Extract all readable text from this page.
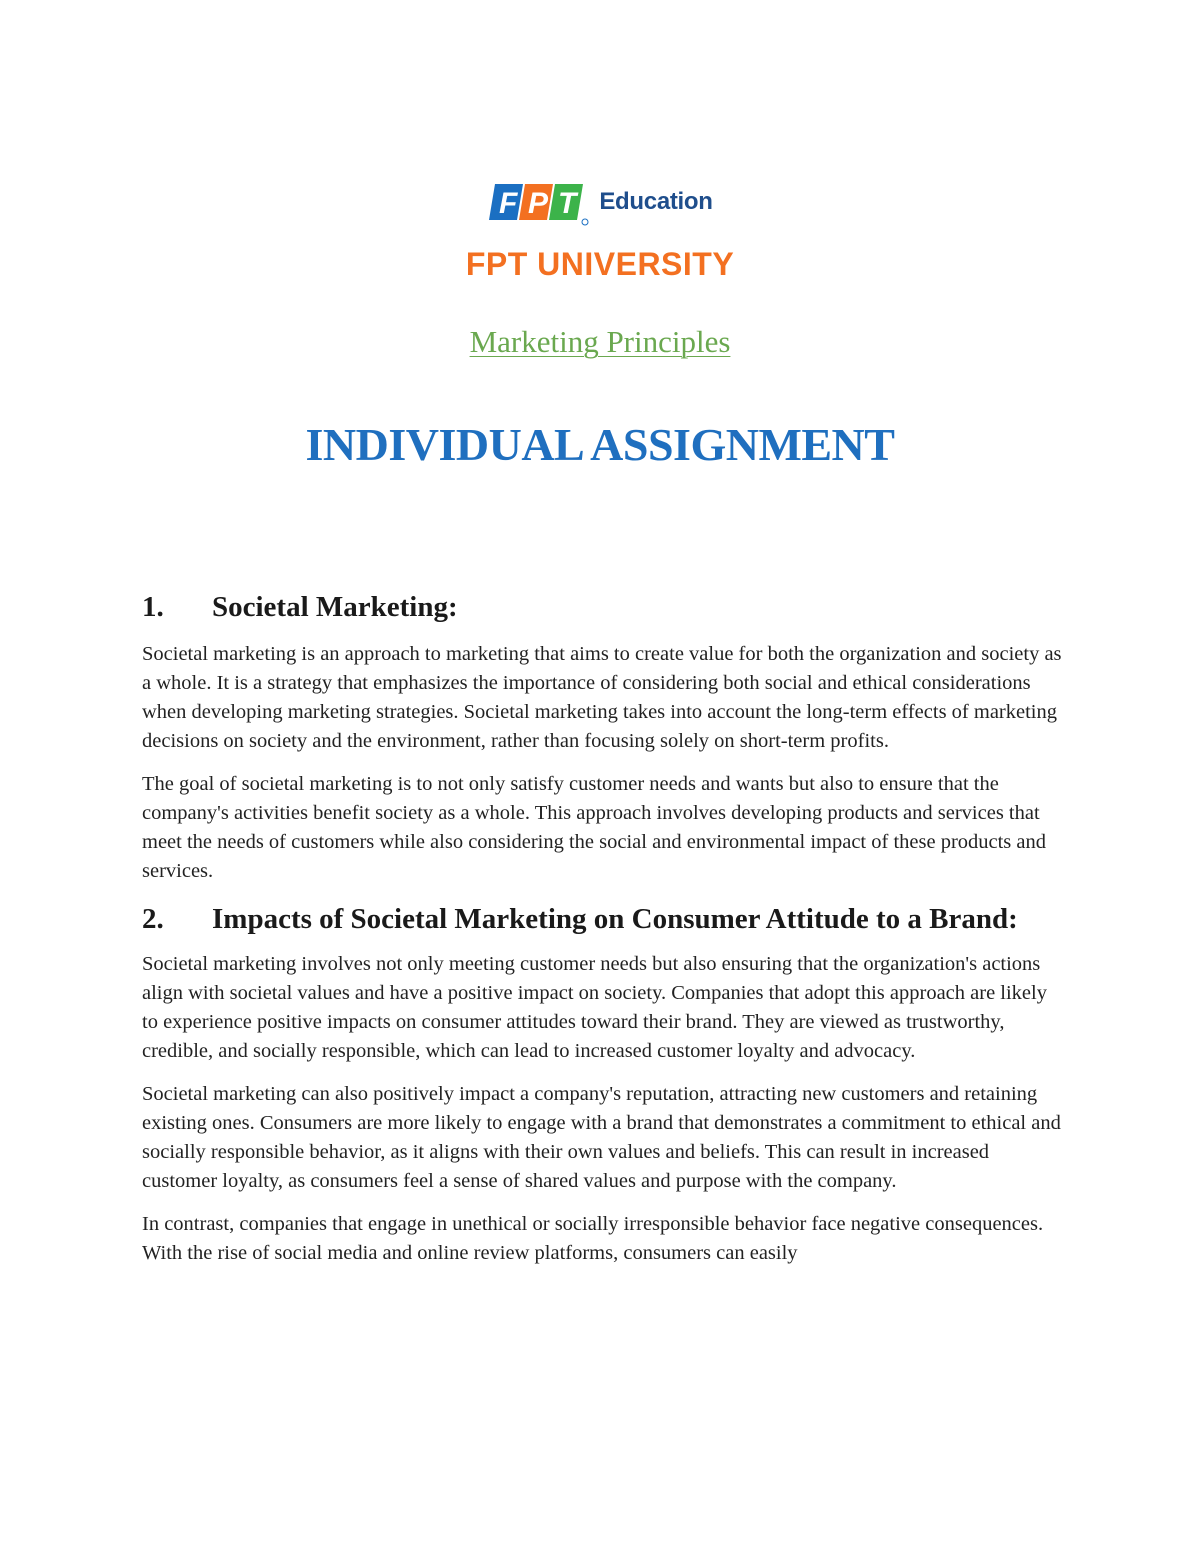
F P T Education
FPT UNIVERSITY
Marketing Principles
INDIVIDUAL ASSIGNMENT
1.	Societal Marketing:

Societal marketing is an approach to marketing that aims to create value for both the organization and society as a whole. It is a strategy that emphasizes the importance of considering both social and ethical considerations when developing marketing strategies. Societal marketing takes into account the long-term effects of marketing decisions on society and the environment, rather than focusing solely on short-term profits.

The goal of societal marketing is to not only satisfy customer needs and wants but also to ensure that the company's activities benefit society as a whole. This approach involves developing products and services that meet the needs of customers while also considering the social and environmental impact of these products and services.

2. Impacts of Societal Marketing on Consumer Attitude to a Brand:

Societal marketing involves not only meeting customer needs but also ensuring that the organization's actions align with societal values and have a positive impact on society. Companies that adopt this approach are likely to experience positive impacts on consumer attitudes toward their brand. They are viewed as trustworthy, credible, and socially responsible, which can lead to increased customer loyalty and advocacy.

Societal marketing can also positively impact a company's reputation, attracting new customers and retaining existing ones. Consumers are more likely to engage with a brand that demonstrates a commitment to ethical and socially responsible behavior, as it aligns with their own values and beliefs. This can result in increased customer loyalty, as consumers feel a sense of shared values and purpose with the company.

In contrast, companies that engage in unethical or socially irresponsible behavior face negative consequences. With the rise of social media and online review platforms, consumers can easily
